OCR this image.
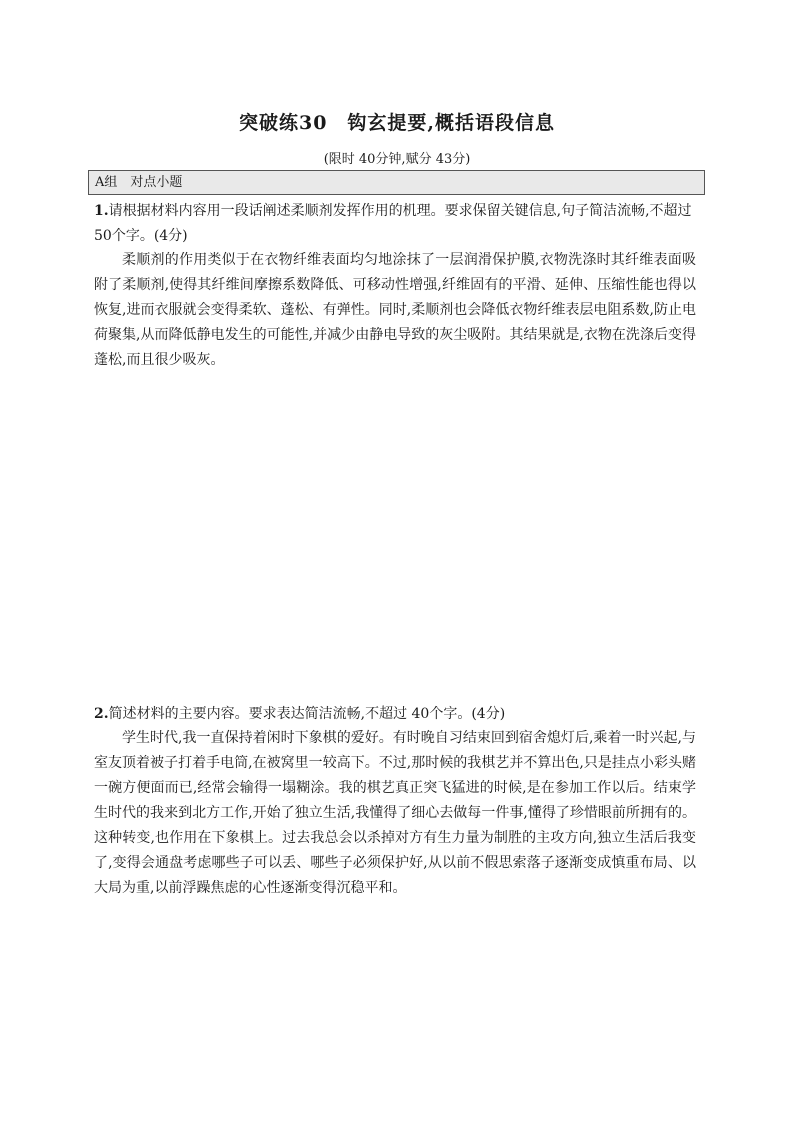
突破练30　钩玄提要,概括语段信息
(限时 40分钟,赋分 43分)
A组　对点小题
1.请根据材料内容用一段话阐述柔顺剂发挥作用的机理。要求保留关键信息,句子简洁流畅,不超过 50个字。(4分)
柔顺剂的作用类似于在衣物纤维表面均匀地涂抹了一层润滑保护膜,衣物洗涤时其纤维表面吸附了柔顺剂,使得其纤维间摩擦系数降低、可移动性增强,纤维固有的平滑、延伸、压缩性能也得以恢复,进而衣服就会变得柔软、蓬松、有弹性。同时,柔顺剂也会降低衣物纤维表层电阻系数,防止电荷聚集,从而降低静电发生的可能性,并减少由静电导致的灰尘吸附。其结果就是,衣物在洗涤后变得蓬松,而且很少吸灰。
2.简述材料的主要内容。要求表达简洁流畅,不超过 40个字。(4分)
学生时代,我一直保持着闲时下象棋的爱好。有时晚自习结束回到宿舍熄灯后,乘着一时兴起,与室友顶着被子打着手电筒,在被窝里一较高下。不过,那时候的我棋艺并不算出色,只是挂点小彩头赌一碗方便面而已,经常会输得一塌糊涂。我的棋艺真正突飞猛进的时候,是在参加工作以后。结束学生时代的我来到北方工作,开始了独立生活,我懂得了细心去做每一件事,懂得了珍惜眼前所拥有的。这种转变,也作用在下象棋上。过去我总会以杀掉对方有生力量为制胜的主攻方向,独立生活后我变了,变得会通盘考虑哪些子可以丢、哪些子必须保护好,从以前不假思索落子逐渐变成慎重布局、以大局为重,以前浮躁焦虑的心性逐渐变得沉稳平和。
